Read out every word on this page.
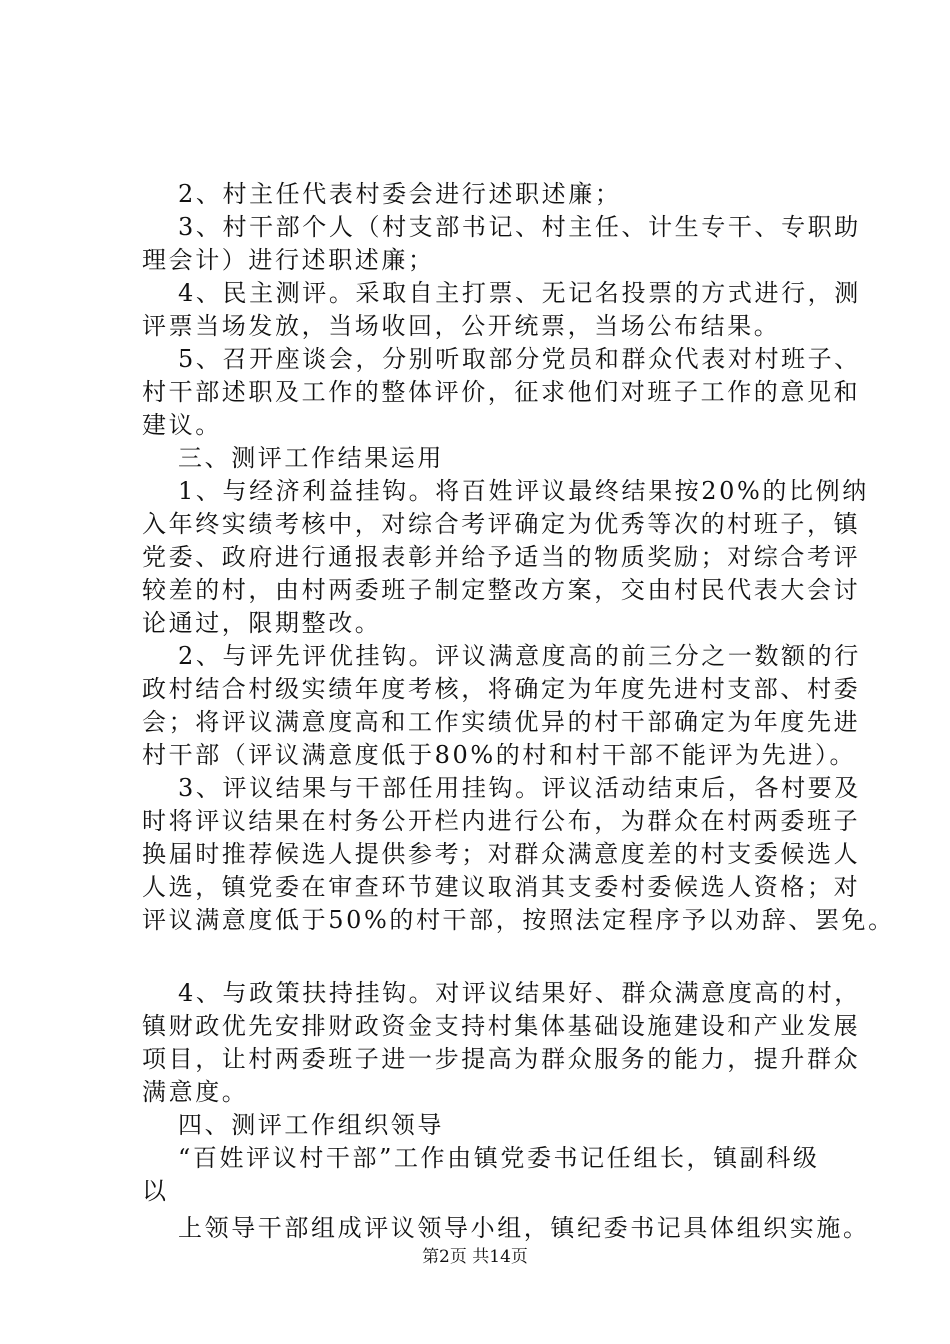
2、村主任代表村委会进行述职述廉；
3、村干部个人（村支部书记、村主任、计生专干、专职助
理会计）进行述职述廉；
4、民主测评。采取自主打票、无记名投票的方式进行，测
评票当场发放，当场收回，公开统票，当场公布结果。
5、召开座谈会，分别听取部分党员和群众代表对村班子、
村干部述职及工作的整体评价，征求他们对班子工作的意见和
建议。
三、测评工作结果运用
1、与经济利益挂钩。将百姓评议最终结果按20%的比例纳
入年终实绩考核中，对综合考评确定为优秀等次的村班子，镇
党委、政府进行通报表彰并给予适当的物质奖励；对综合考评
较差的村，由村两委班子制定整改方案，交由村民代表大会讨
论通过，限期整改。
2、与评先评优挂钩。评议满意度高的前三分之一数额的行
政村结合村级实绩年度考核，将确定为年度先进村支部、村委
会；将评议满意度高和工作实绩优异的村干部确定为年度先进
村干部（评议满意度低于80%的村和村干部不能评为先进）。
3、评议结果与干部任用挂钩。评议活动结束后，各村要及
时将评议结果在村务公开栏内进行公布，为群众在村两委班子
换届时推荐候选人提供参考；对群众满意度差的村支委候选人
人选，镇党委在审查环节建议取消其支委村委候选人资格；对
评议满意度低于50%的村干部，按照法定程序予以劝辞、罢免。
4、与政策扶持挂钩。对评议结果好、群众满意度高的村，
镇财政优先安排财政资金支持村集体基础设施建设和产业发展
项目，让村两委班子进一步提高为群众服务的能力，提升群众
满意度。
四、测评工作组织领导
“百姓评议村干部”工作由镇党委书记任组长，镇副科级
以
上领导干部组成评议领导小组，镇纪委书记具体组织实施。
第2页 共14页
